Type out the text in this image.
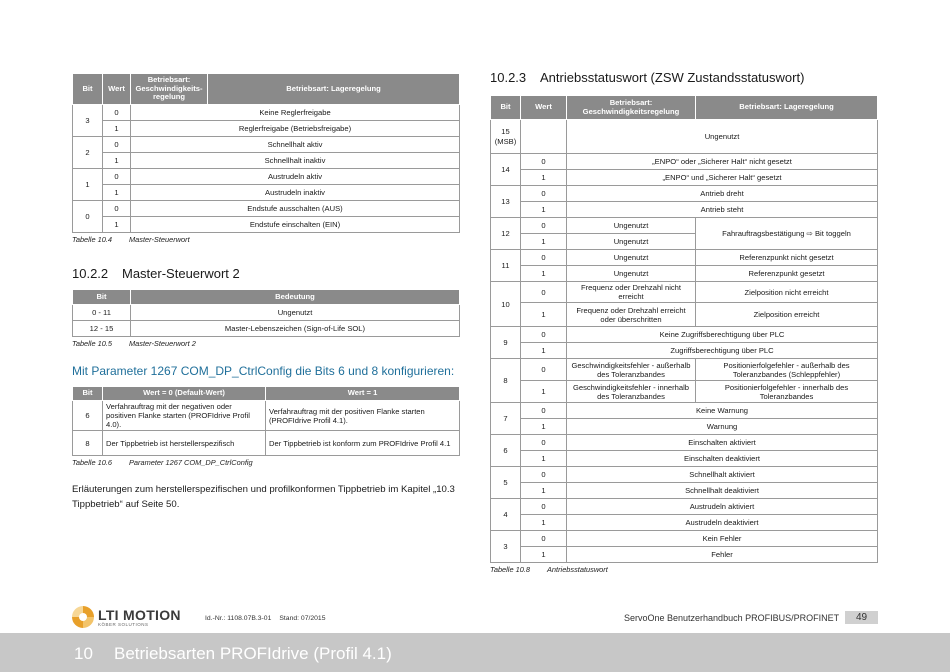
Bit	Wert	Betriebsart: Geschwindigkeits-regelung	Betriebsart: Lageregelung
3	0	Keine Reglerfreigabe	
	1	Reglerfreigabe (Betriebsfreigabe)	
2	0	Schnellhalt aktiv	
	1	Schnellhalt inaktiv	
1	0	Austrudeln aktiv	
	1	Austrudeln inaktiv	
0	0	Endstufe ausschalten (AUS)	
	1	Endstufe einschalten (EIN)	
Tabelle 10.4 Master-Steuerwort
10.2.2 Master-Steuerwort 2
Bit	Bedeutung
0 - 11	Ungenutzt
12 - 15	Master-Lebenszeichen (Sign-of-Life SOL)
Tabelle 10.5 Master-Steuerwort 2
Mit Parameter 1267 COM_DP_CtrlConfig die Bits 6 und 8 konfigurieren:
Bit	Wert = 0 (Default-Wert)	Wert = 1
6	Verfahrauftrag mit der negativen oder positiven Flanke starten (PROFIdrive Profil 4.0).	Verfahrauftrag mit der positiven Flanke starten (PROFIdrive Profil 4.1).
8	Der Tippbetrieb ist herstellerspezifisch	Der Tippbetrieb ist konform zum PROFIdrive Profil 4.1
Tabelle 10.6 Parameter 1267 COM_DP_CtrlConfig

Erläuterungen zum herstellerspezifischen und profilkonformen Tippbetrieb im Kapitel „10.3 Tippbetrieb“ auf Seite 50.

10.2.3 Antriebsstatuswort (ZSW Zustandsstatuswort)
Bit	Wert	Betriebsart: Geschwindigkeitsregelung	Betriebsart: Lageregelung
15 (MSB)		Ungenutzt	
14	0	„ENPO“ oder „Sicherer Halt“ nicht gesetzt	
	1	„ENPO“ und „Sicherer Halt“ gesetzt	
13	0	Antrieb dreht	
	1	Antrieb steht	
12	0	Ungenutzt	Fahrauftragsbestätigung ⇨ Bit toggeln
	1	Ungenutzt	
11	0	Ungenutzt	Referenzpunkt nicht gesetzt
	1	Ungenutzt	Referenzpunkt gesetzt
10	0	Frequenz oder Drehzahl nicht erreicht	Zielposition nicht erreicht
	1	Frequenz oder Drehzahl erreicht oder überschritten	Zielposition erreicht
9	0	Keine Zugriffsberechtigung über PLC	
	1	Zugriffsberechtigung über PLC	
8	0	Geschwindigkeitsfehler - außerhalb des Toleranzbandes	Positionierfolgefehler - außerhalb des Toleranzbandes (Schleppfehler)
	1	Geschwindigkeitsfehler - innerhalb des Toleranzbandes	Positionierfolgefehler - innerhalb des Toleranzbandes
7	0	Keine Warnung	
	1	Warnung	
6	0	Einschalten aktiviert	
	1	Einschalten deaktiviert	
5	0	Schnellhalt aktiviert	
	1	Schnellhalt deaktiviert	
4	0	Austrudeln aktiviert	
	1	Austrudeln deaktiviert	
3	0	Kein Fehler	
	1	Fehler	
Tabelle 10.8 Antriebsstatuswort
LTI MOTION
KÖBER SOLUTIONS
Id.-Nr.: 1108.07B.3-01 Stand: 07/2015	ServoOne Benutzerhandbuch PROFIBUS/PROFINET	49
10 Betriebsarten PROFIdrive (Profil 4.1)
